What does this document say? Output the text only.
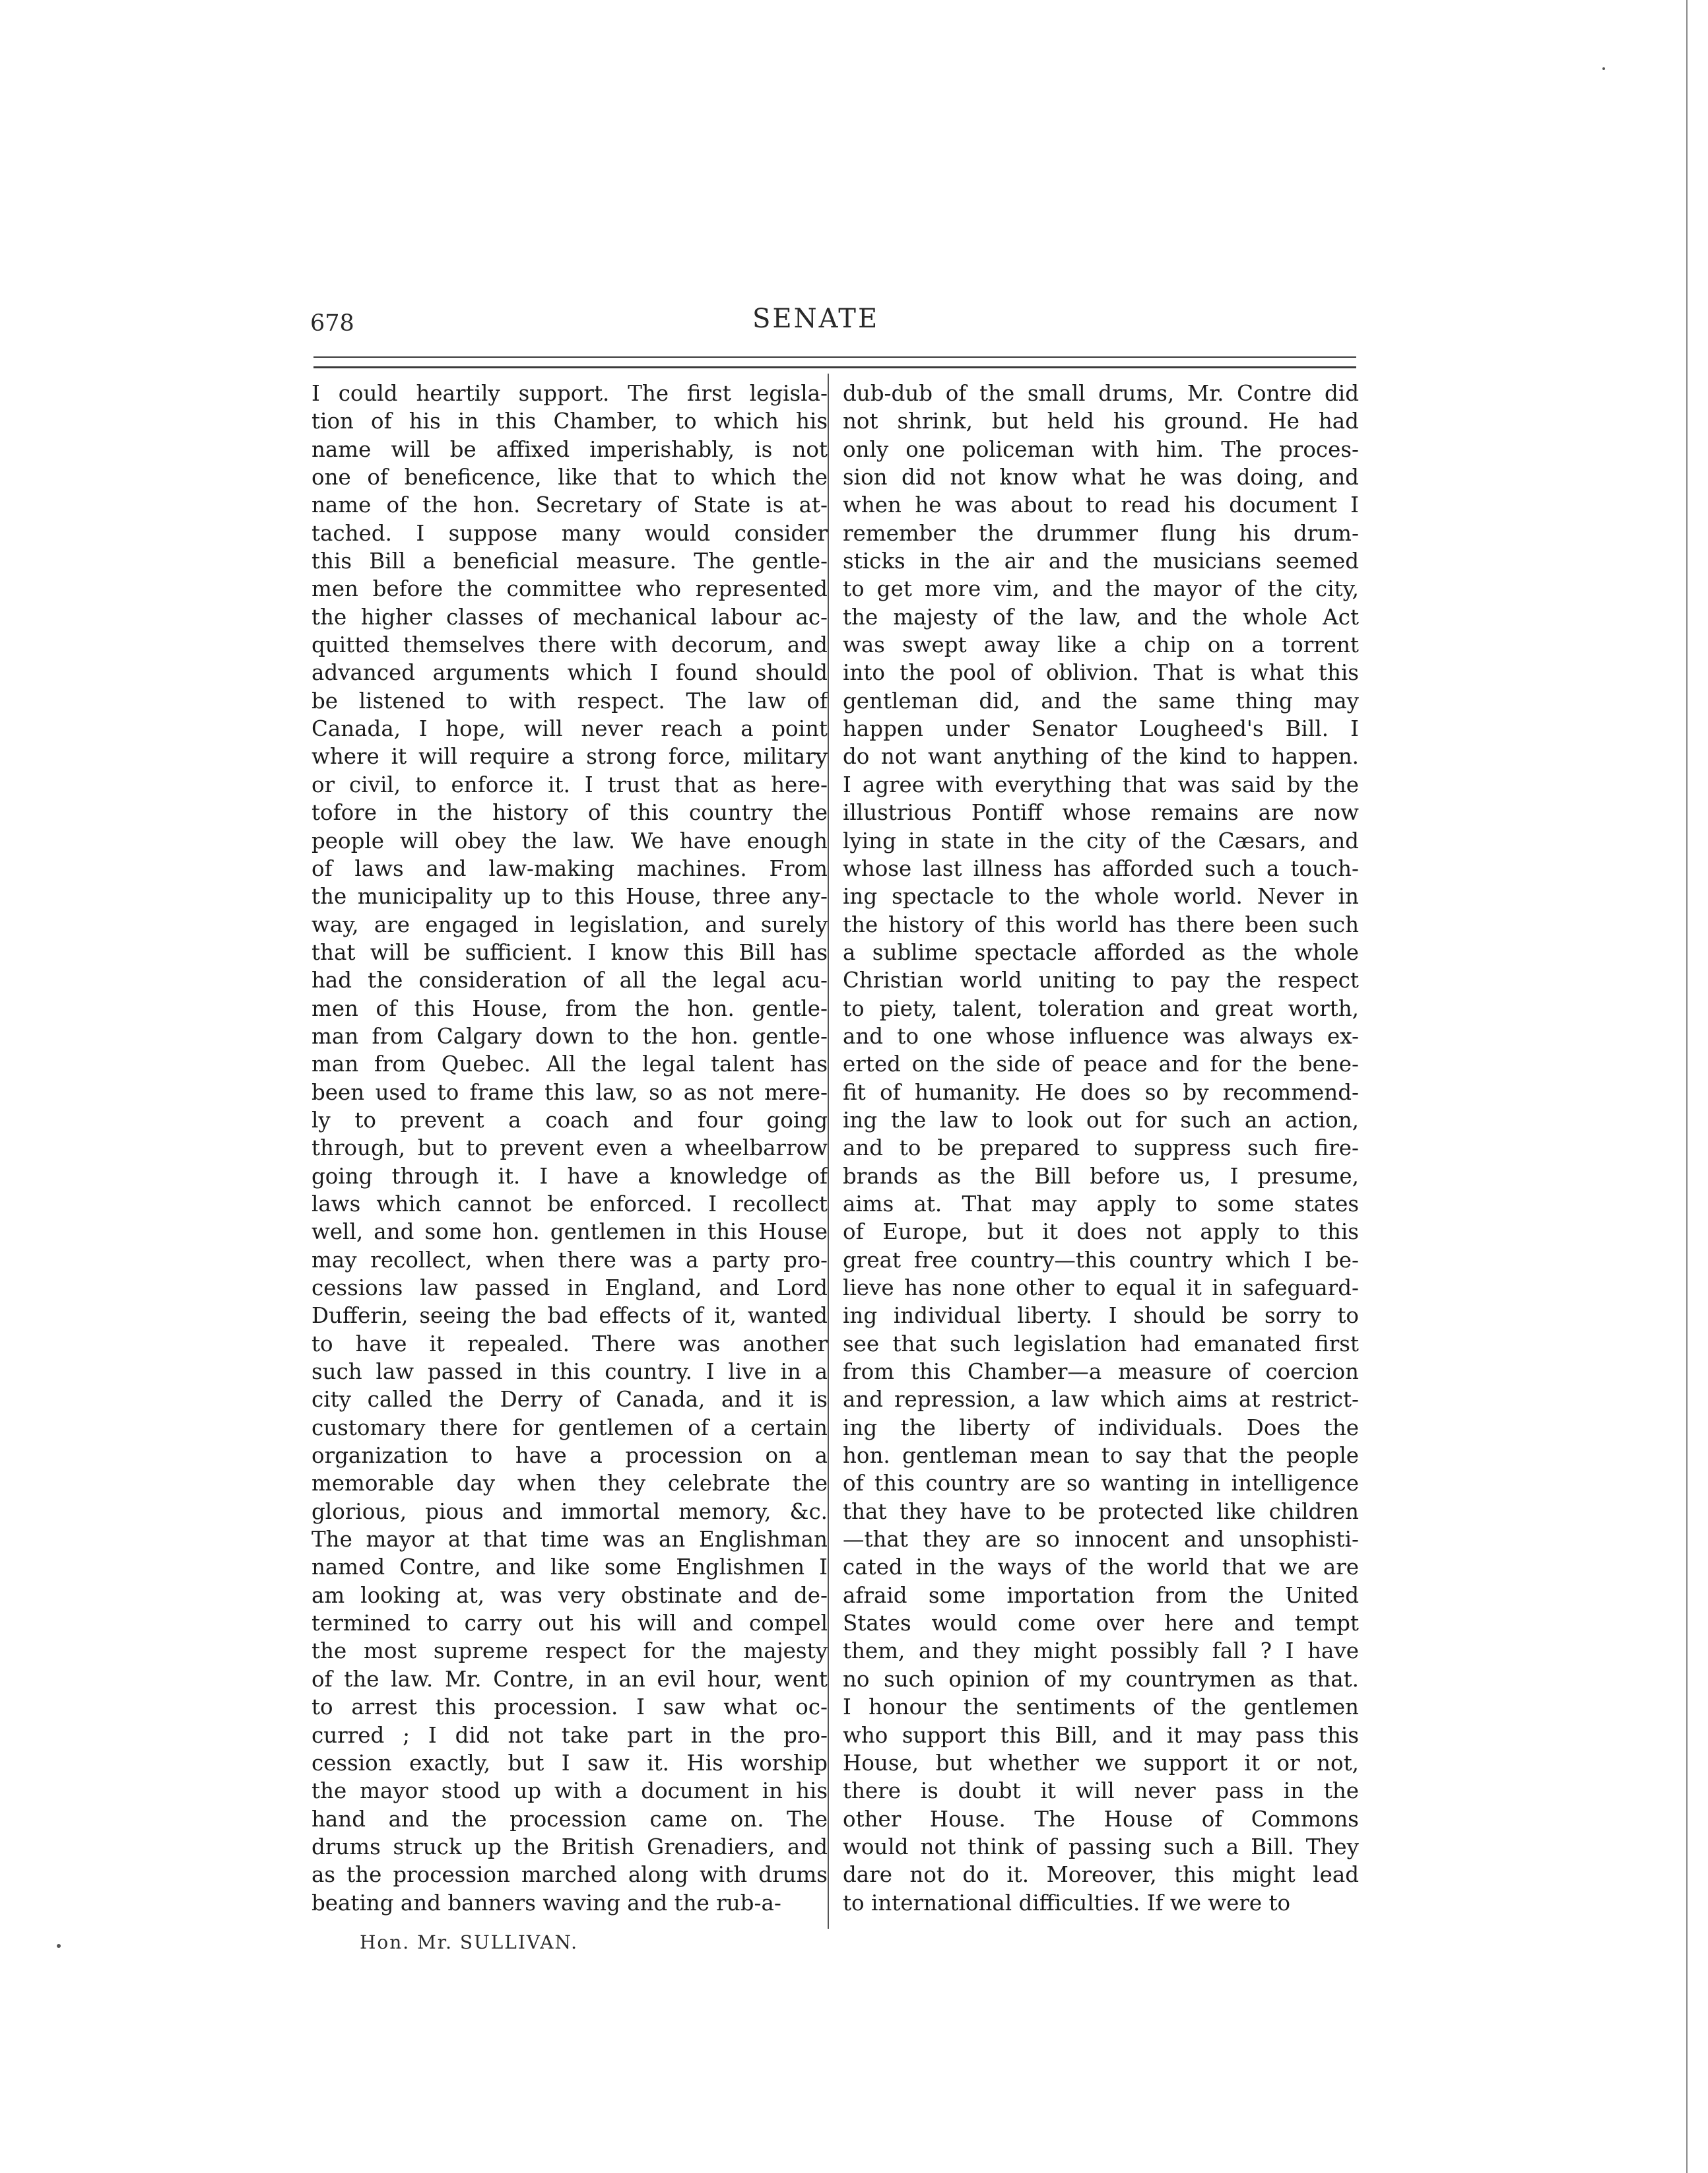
678	SENATE
I could heartily support. The first legisla-
tion of his in this Chamber, to which his
name will be affixed imperishably, is not
one of beneficence, like that to which the
name of the hon. Secretary of State is at-
tached. I suppose many would consider
this Bill a beneficial measure. The gentle-
men before the committee who represented
the higher classes of mechanical labour ac-
quitted themselves there with decorum, and
advanced arguments which I found should
be listened to with respect. The law of
Canada, I hope, will never reach a point
where it will require a strong force, military
or civil, to enforce it. I trust that as here-
tofore in the history of this country the
people will obey the law. We have enough
of laws and law-making machines. From
the municipality up to this House, three any-
way, are engaged in legislation, and surely
that will be sufficient. I know this Bill has
had the consideration of all the legal acu-
men of this House, from the hon. gentle-
man from Calgary down to the hon. gentle-
man from Quebec. All the legal talent has
been used to frame this law, so as not mere-
ly to prevent a coach and four going
through, but to prevent even a wheelbarrow
going through it. I have a knowledge of
laws which cannot be enforced. I recollect
well, and some hon. gentlemen in this House
may recollect, when there was a party pro-
cessions law passed in England, and Lord
Dufferin, seeing the bad effects of it, wanted
to have it repealed. There was another
such law passed in this country. I live in a
city called the Derry of Canada, and it is
customary there for gentlemen of a certain
organization to have a procession on a
memorable day when they celebrate the
glorious, pious and immortal memory, &c.
The mayor at that time was an Englishman
named Contre, and like some Englishmen I
am looking at, was very obstinate and de-
termined to carry out his will and compel
the most supreme respect for the majesty
of the law. Mr. Contre, in an evil hour, went
to arrest this procession. I saw what oc-
curred ; I did not take part in the pro-
cession exactly, but I saw it. His worship
the mayor stood up with a document in his
hand and the procession came on. The
drums struck up the British Grenadiers, and
as the procession marched along with drums
beating and banners waving and the rub-a-
dub-dub of the small drums, Mr. Contre did
not shrink, but held his ground. He had
only one policeman with him. The proces-
sion did not know what he was doing, and
when he was about to read his document I
remember the drummer flung his drum-
sticks in the air and the musicians seemed
to get more vim, and the mayor of the city,
the majesty of the law, and the whole Act
was swept away like a chip on a torrent
into the pool of oblivion. That is what this
gentleman did, and the same thing may
happen under Senator Lougheed's Bill. I
do not want anything of the kind to happen.
I agree with everything that was said by the
illustrious Pontiff whose remains are now
lying in state in the city of the Cæsars, and
whose last illness has afforded such a touch-
ing spectacle to the whole world. Never in
the history of this world has there been such
a sublime spectacle afforded as the whole
Christian world uniting to pay the respect
to piety, talent, toleration and great worth,
and to one whose influence was always ex-
erted on the side of peace and for the bene-
fit of humanity. He does so by recommend-
ing the law to look out for such an action,
and to be prepared to suppress such fire-
brands as the Bill before us, I presume,
aims at. That may apply to some states
of Europe, but it does not apply to this
great free country—this country which I be-
lieve has none other to equal it in safeguard-
ing individual liberty. I should be sorry to
see that such legislation had emanated first
from this Chamber—a measure of coercion
and repression, a law which aims at restrict-
ing the liberty of individuals. Does the
hon. gentleman mean to say that the people
of this country are so wanting in intelligence
that they have to be protected like children
—that they are so innocent and unsophisti-
cated in the ways of the world that we are
afraid some importation from the United
States would come over here and tempt
them, and they might possibly fall ? I have
no such opinion of my countrymen as that.
I honour the sentiments of the gentlemen
who support this Bill, and it may pass this
House, but whether we support it or not,
there is doubt it will never pass in the
other House. The House of Commons
would not think of passing such a Bill. They
dare not do it. Moreover, this might lead
to international difficulties. If we were to
Hon. Mr. SULLIVAN.
